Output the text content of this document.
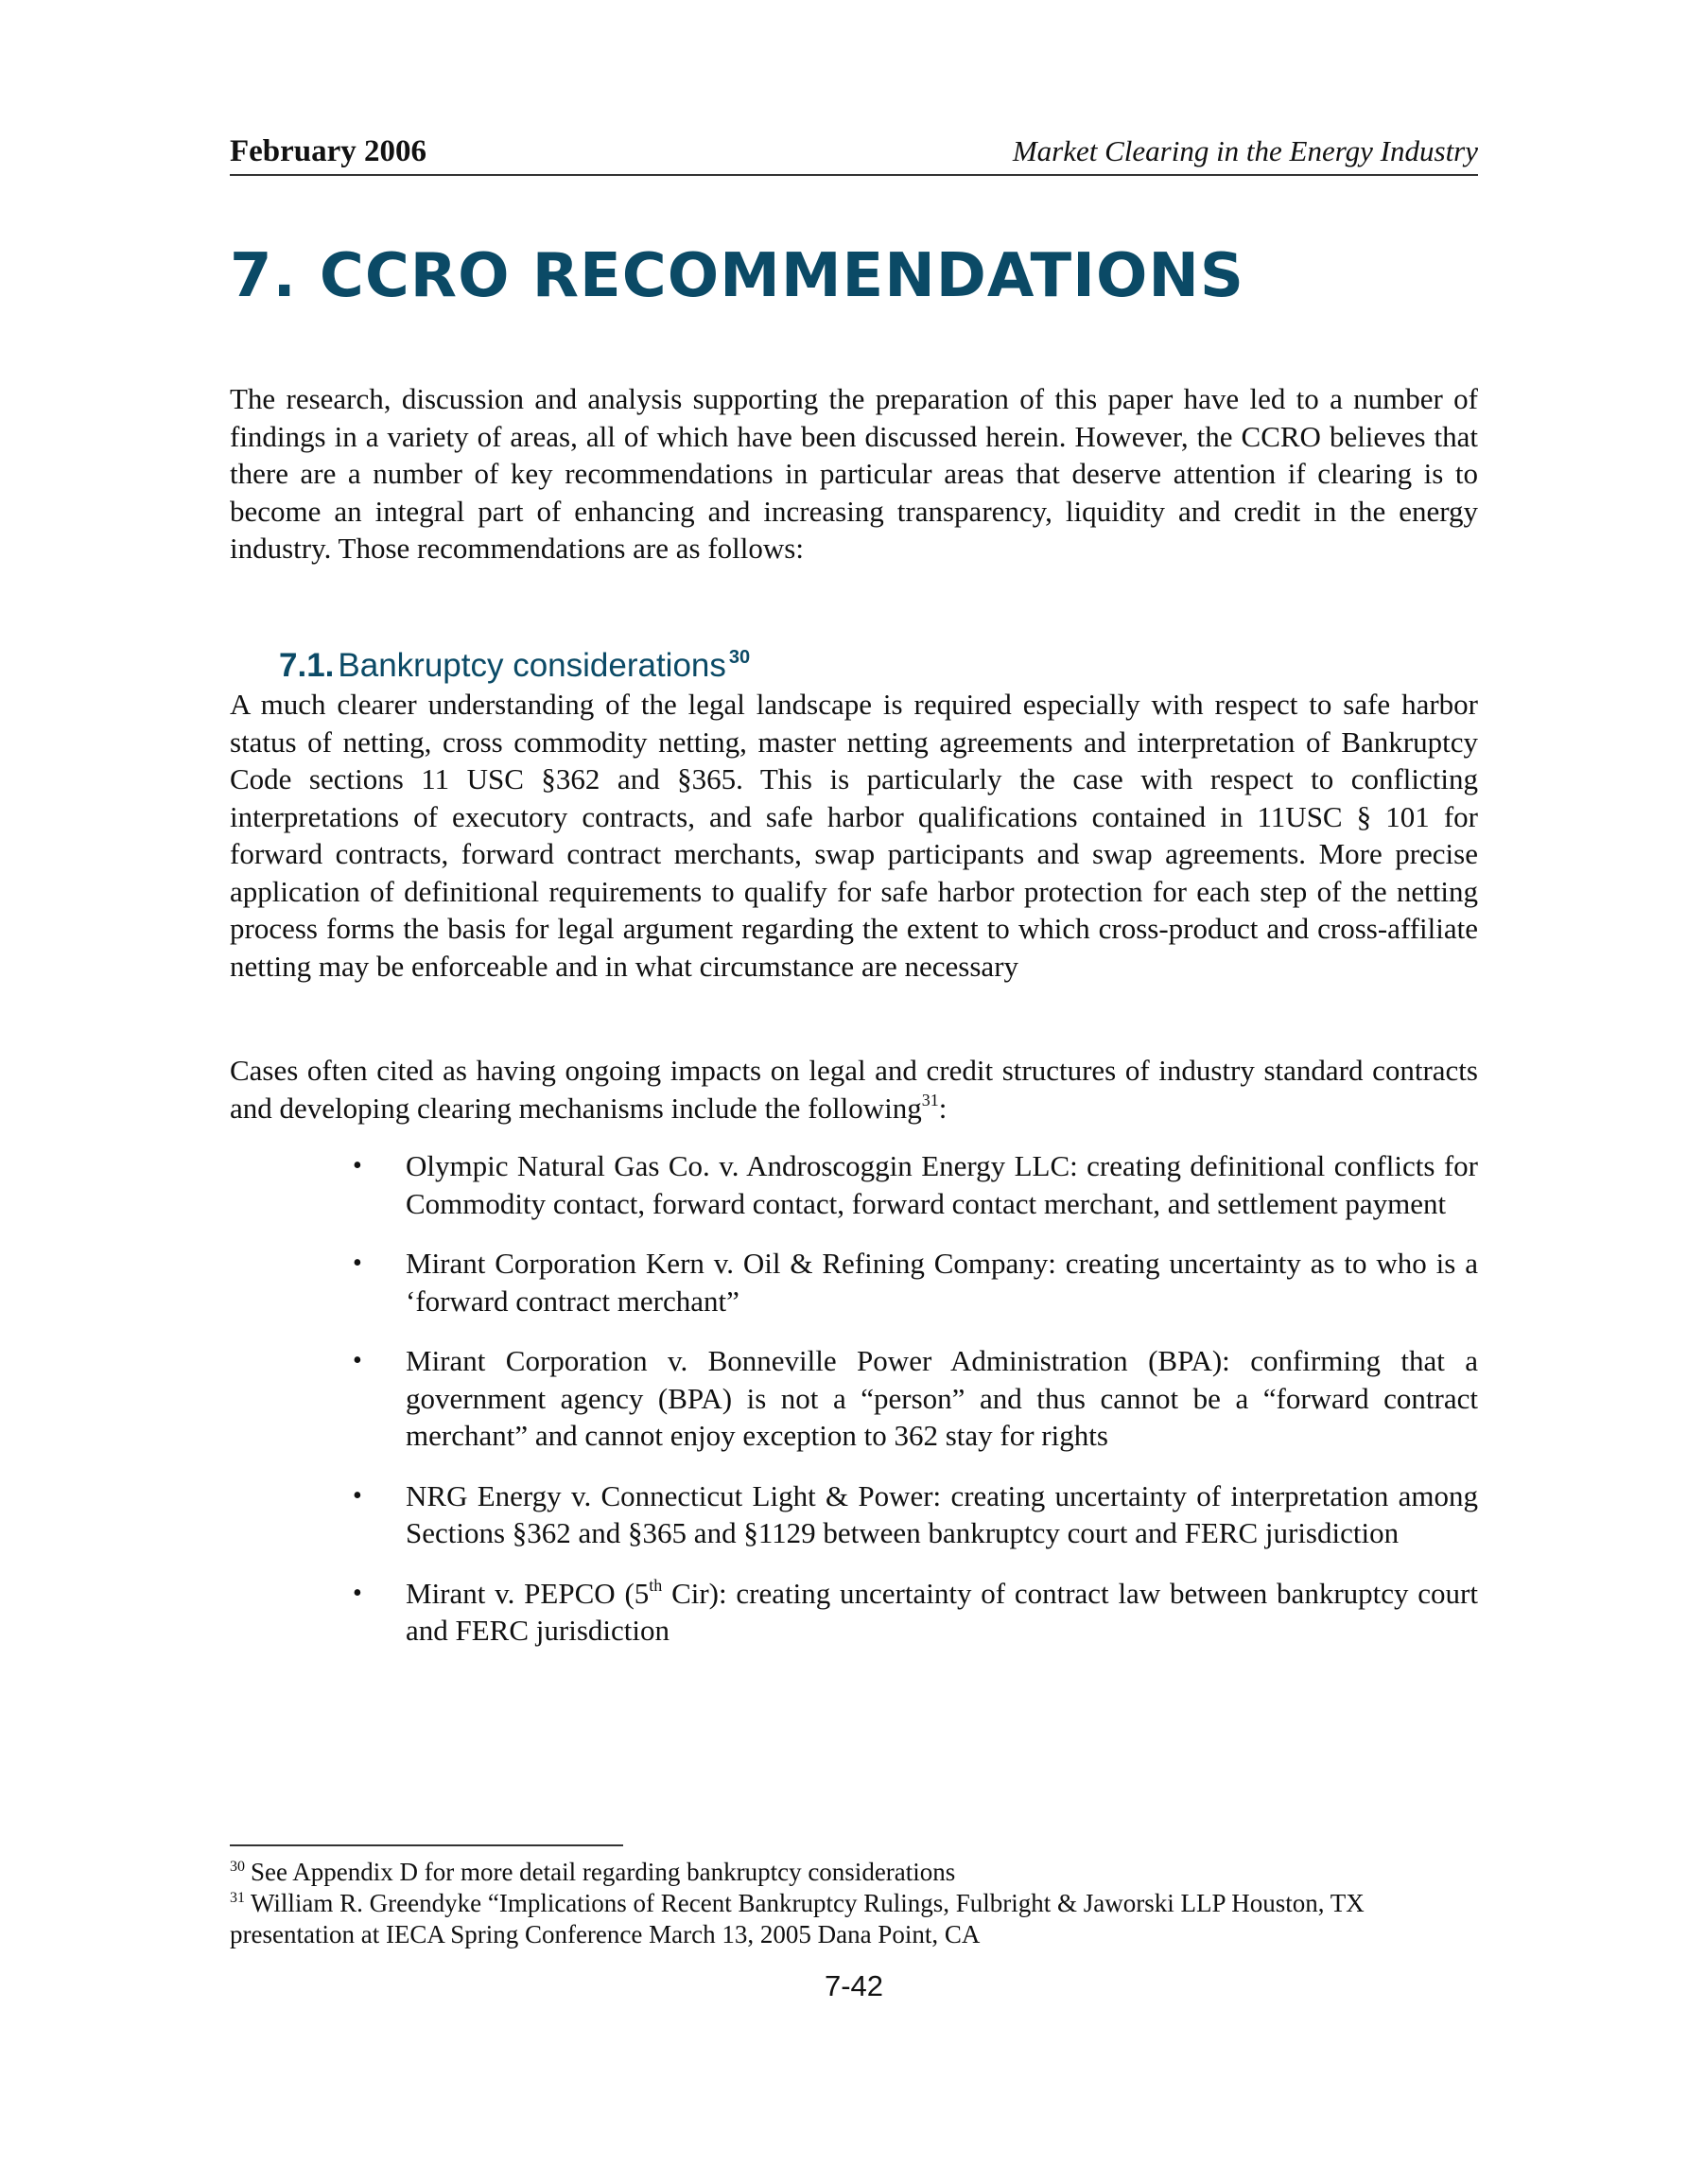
February 2006	Market Clearing in the Energy Industry
7. CCRO RECOMMENDATIONS

The research, discussion and analysis supporting the preparation of this paper have led to a number of findings in a variety of areas, all of which have been discussed herein. However, the CCRO believes that there are a number of key recommendations in particular areas that deserve attention if clearing is to become an integral part of enhancing and increasing transparency, liquidity and credit in the energy industry. Those recommendations are as follows:

7.1. Bankruptcy considerations $^{30}$

A much clearer understanding of the legal landscape is required especially with respect to safe harbor status of netting, cross commodity netting, master netting agreements and interpretation of Bankruptcy Code sections 11 USC §362 and §365. This is particularly the case with respect to conflicting interpretations of executory contracts, and safe harbor qualifications contained in 11USC § 101 for forward contracts, forward contract merchants, swap participants and swap agreements. More precise application of definitional requirements to qualify for safe harbor protection for each step of the netting process forms the basis for legal argument regarding the extent to which cross-product and cross-affiliate netting may be enforceable and in what circumstance are necessary

Cases often cited as having ongoing impacts on legal and credit structures of industry standard contracts and developing clearing mechanisms include the following$^{31}$:

• Olympic Natural Gas Co. v. Androscoggin Energy LLC: creating definitional conflicts for Commodity contact, forward contact, forward contact merchant, and settlement payment
• Mirant Corporation Kern v. Oil & Refining Company: creating uncertainty as to who is a ‘forward contract merchant”
• Mirant Corporation v. Bonneville Power Administration (BPA): confirming that a government agency (BPA) is not a “person” and thus cannot be a “forward contract merchant” and cannot enjoy exception to 362 stay for rights
• NRG Energy v. Connecticut Light & Power: creating uncertainty of interpretation among Sections §362 and §365 and §1129 between bankruptcy court and FERC jurisdiction
• Mirant v. PEPCO (5th Cir): creating uncertainty of contract law between bankruptcy court and FERC jurisdiction

$^{30}$ See Appendix D for more detail regarding bankruptcy considerations

$^{31}$ William R. Greendyke “Implications of Recent Bankruptcy Rulings, Fulbright & Jaworski LLP Houston, TX presentation at IECA Spring Conference March 13, 2005 Dana Point, CA

7-42
